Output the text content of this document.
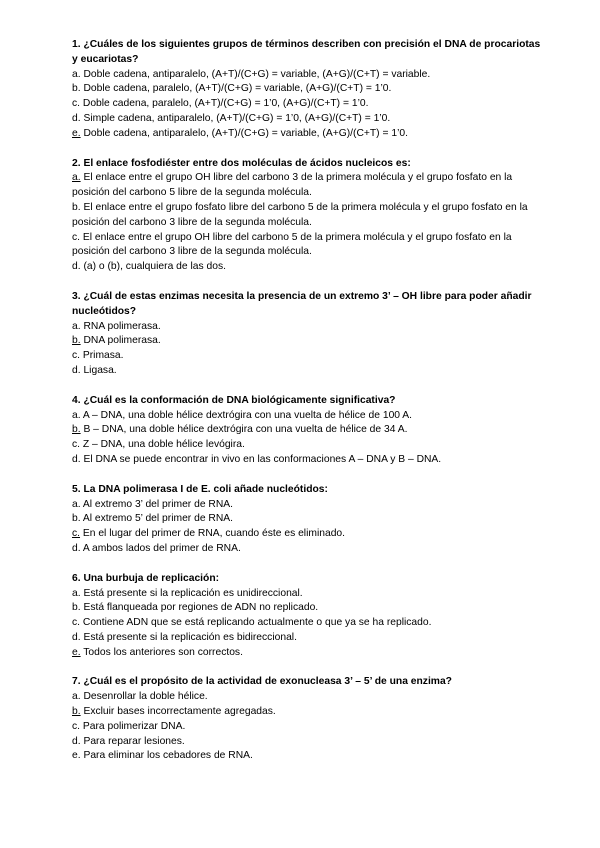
1. ¿Cuáles de los siguientes grupos de términos describen con precisión el DNA de procariotas y eucariotas?

a. Doble cadena, antiparalelo, (A+T)/(C+G) = variable, (A+G)/(C+T) = variable.

b. Doble cadena, paralelo, (A+T)/(C+G) = variable, (A+G)/(C+T) = 1’0.

c. Doble cadena, paralelo, (A+T)/(C+G) = 1’0, (A+G)/(C+T) = 1’0.

d. Simple cadena, antiparalelo, (A+T)/(C+G) = 1’0, (A+G)/(C+T) = 1’0.

e. Doble cadena, antiparalelo, (A+T)/(C+G) = variable, (A+G)/(C+T) = 1’0.

2. El enlace fosfodiéster entre dos moléculas de ácidos nucleicos es:

a. El enlace entre el grupo OH libre del carbono 3 de la primera molécula y el grupo fosfato en la posición del carbono 5 libre de la segunda molécula.

b. El enlace entre el grupo fosfato libre del carbono 5 de la primera molécula y el grupo fosfato en la posición del carbono 3 libre de la segunda molécula.

c. El enlace entre el grupo OH libre del carbono 5 de la primera molécula y el grupo fosfato en la posición del carbono 3 libre de la segunda molécula.

d. (a) o (b), cualquiera de las dos.

3. ¿Cuál de estas enzimas necesita la presencia de un extremo 3’ – OH libre para poder añadir nucleótidos?

a. RNA polimerasa.

b. DNA polimerasa.

c. Primasa.

d. Ligasa.

4. ¿Cuál es la conformación de DNA biológicamente significativa?

a. A – DNA, una doble hélice dextrógira con una vuelta de hélice de 100 A.

b. B – DNA, una doble hélice dextrógira con una vuelta de hélice de 34 A.

c. Z – DNA, una doble hélice levógira.

d. El DNA se puede encontrar in vivo en las conformaciones A – DNA y B – DNA.

5. La DNA polimerasa I de E. coli añade nucleótidos:

a. Al extremo 3’ del primer de RNA.

b. Al extremo 5’ del primer de RNA.

c. En el lugar del primer de RNA, cuando éste es eliminado.

d. A ambos lados del primer de RNA.

6. Una burbuja de replicación:

a. Está presente si la replicación es unidireccional.

b. Está flanqueada por regiones de ADN no replicado.

c. Contiene ADN que se está replicando actualmente o que ya se ha replicado.

d. Está presente si la replicación es bidireccional.

e. Todos los anteriores son correctos.

7. ¿Cuál es el propósito de la actividad de exonucleasa 3’ – 5’ de una enzima?

a. Desenrollar la doble hélice.

b. Excluir bases incorrectamente agregadas.

c. Para polimerizar DNA.

d. Para reparar lesiones.

e. Para eliminar los cebadores de RNA.
